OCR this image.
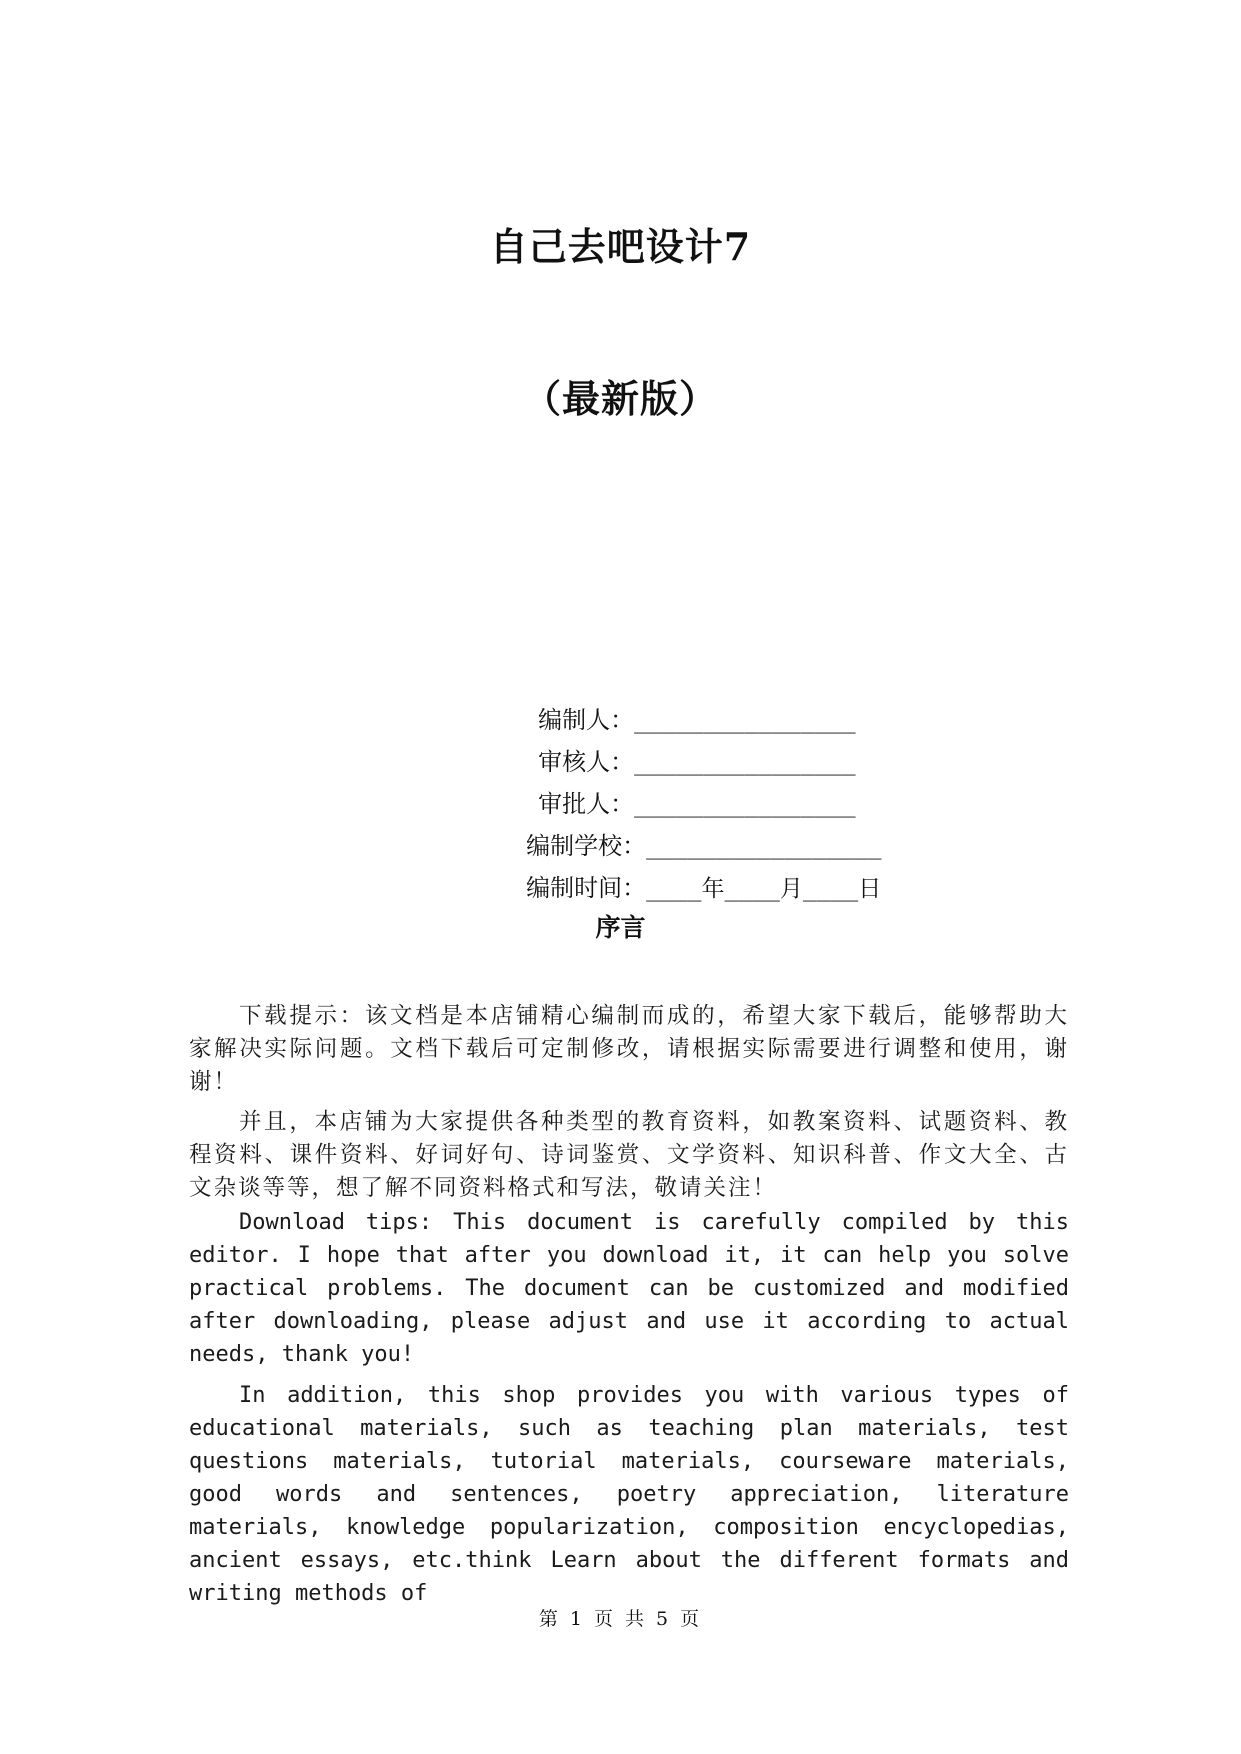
自己去吧设计7
（最新版）

编制人：________________

审核人：________________

审批人：________________

编制学校：_________________

编制时间：____年____月____日

序言
下载提示：该文档是本店铺精心编制而成的，希望大家下载后，能够帮助大家解决实际问题。文档下载后可定制修改，请根据实际需要进行调整和使用，谢谢！
并且，本店铺为大家提供各种类型的教育资料，如教案资料、试题资料、教程资料、课件资料、好词好句、诗词鉴赏、文学资料、知识科普、作文大全、古文杂谈等等，想了解不同资料格式和写法，敬请关注！
Download tips: This document is carefully compiled by this editor. I hope that after you download it, it can help you solve practical problems. The document can be customized and modified after downloading, please adjust and use it according to actual needs, thank you!
In addition, this shop provides you with various types of educational materials, such as teaching plan materials, test questions materials, tutorial materials, courseware materials, good words and sentences, poetry appreciation, literature materials, knowledge popularization, composition encyclopedias, ancient essays, etc.think Learn about the different formats and writing methods of
第 1 页 共 5 页
